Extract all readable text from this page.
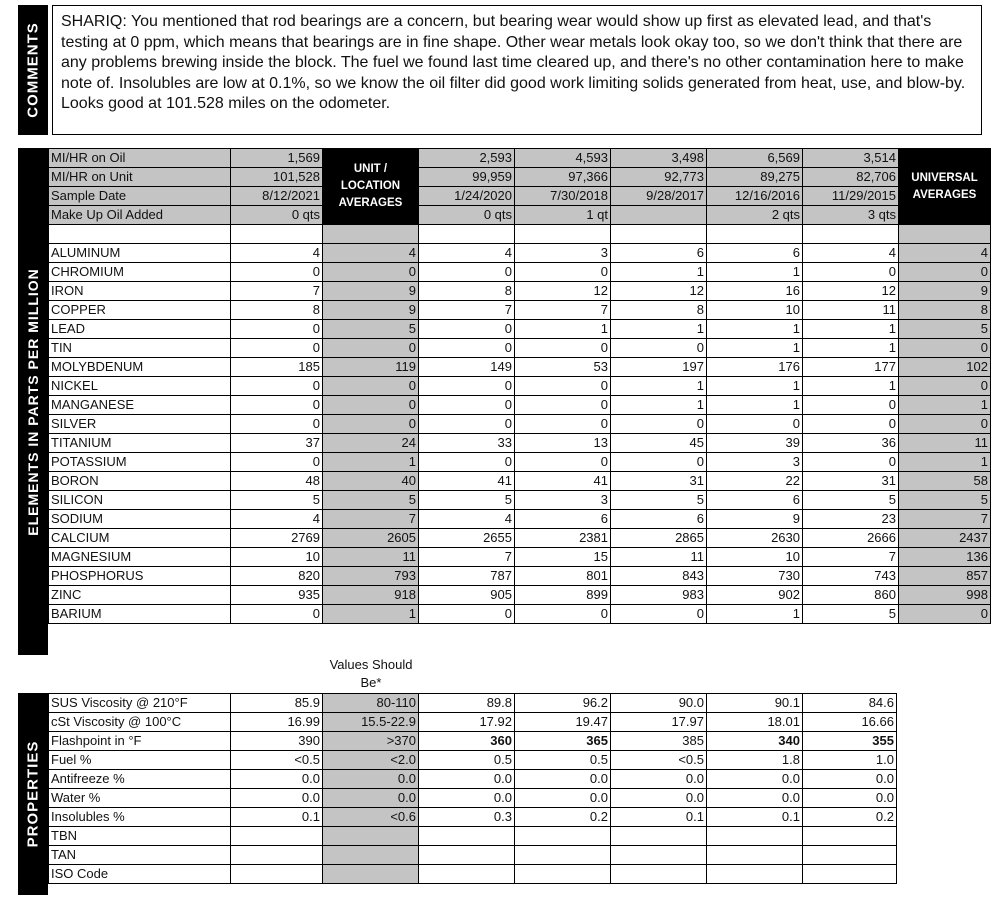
COMMENTS
SHARIQ: You mentioned that rod bearings are a concern, but bearing wear would show up first as elevated lead, and that's testing at 0 ppm, which means that bearings are in fine shape. Other wear metals look okay too, so we don't think that there are any problems brewing inside the block. The fuel we found last time cleared up, and there's no other contamination here to make note of. Insolubles are low at 0.1%, so we know the oil filter did good work limiting solids generated from heat, use, and blow-by. Looks good at 101.528 miles on the odometer.
ELEMENTS IN PARTS PER MILLION
MI/HR on Oil	1,569	UNIT / LOCATION AVERAGES	2,593	4,593	3,498	6,569	3,514	UNIVERSAL AVERAGES
MI/HR on Unit	101,528		99,959	97,366	92,773	89,275	82,706	
Sample Date	8/12/2021		1/24/2020	7/30/2018	9/28/2017	12/16/2016	11/29/2015	
Make Up Oil Added	0 qts		0 qts	1 qt		2 qts	3 qts	

ALUMINUM	4	4	4	3	6	6	4	4
CHROMIUM	0	0	0	0	1	1	0	0
IRON	7	9	8	12	12	16	12	9
COPPER	8	9	7	7	8	10	11	8
LEAD	0	5	0	1	1	1	1	5
TIN	0	0	0	0	0	1	1	0
MOLYBDENUM	185	119	149	53	197	176	177	102
NICKEL	0	0	0	0	1	1	1	0
MANGANESE	0	0	0	0	1	1	0	1
SILVER	0	0	0	0	0	0	0	0
TITANIUM	37	24	33	13	45	39	36	11
POTASSIUM	0	1	0	0	0	3	0	1
BORON	48	40	41	41	31	22	31	58
SILICON	5	5	5	3	5	6	5	5
SODIUM	4	7	4	6	6	9	23	7
CALCIUM	2769	2605	2655	2381	2865	2630	2666	2437
MAGNESIUM	10	11	7	15	11	10	7	136
PHOSPHORUS	820	793	787	801	843	730	743	857
ZINC	935	918	905	899	983	902	860	998
BARIUM	0	1	0	0	0	1	5	0
Values Should Be*
PROPERTIES
SUS Viscosity @ 210°F	85.9	80-110	89.8	96.2	90.0	90.1	84.6
cSt Viscosity @ 100°C	16.99	15.5-22.9	17.92	19.47	17.97	18.01	16.66
Flashpoint in °F	390	>370	360	365	385	340	355
Fuel %	<0.5	<2.0	0.5	0.5	<0.5	1.8	1.0
Antifreeze %	0.0	0.0	0.0	0.0	0.0	0.0	0.0
Water %	0.0	0.0	0.0	0.0	0.0	0.0	0.0
Insolubles %	0.1	<0.6	0.3	0.2	0.1	0.1	0.2
TBN							
TAN							
ISO Code							
